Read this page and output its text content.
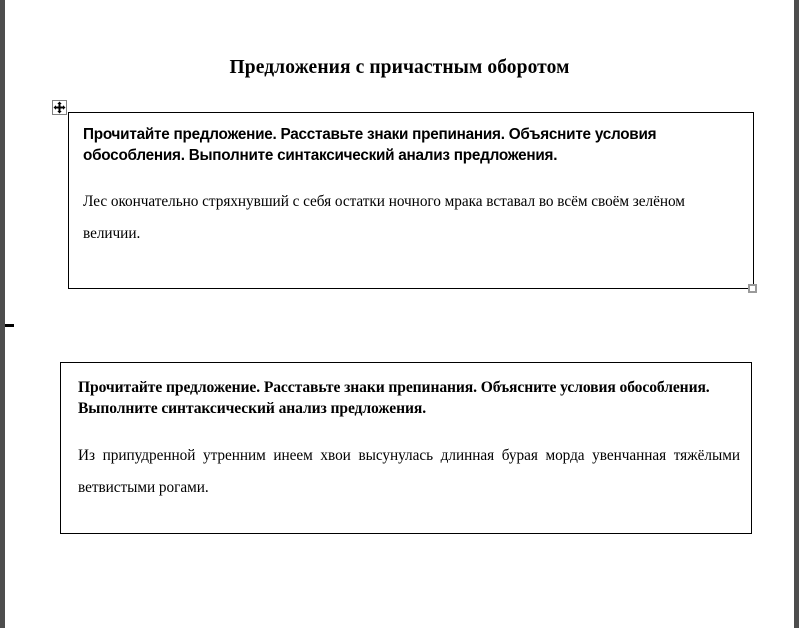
Предложения с причастным оборотом

Прочитайте предложение. Расставьте знаки препинания. Объясните условия обособления. Выполните синтаксический анализ предложения.

Лес окончательно стряхнувший с себя остатки ночного мрака вставал во всём своём зелёном величии.

Прочитайте предложение. Расставьте знаки препинания. Объясните условия обособления. Выполните синтаксический анализ предложения.

Из припудренной утренним инеем хвои высунулась длинная бурая морда увенчанная тяжёлыми ветвистыми рогами.
